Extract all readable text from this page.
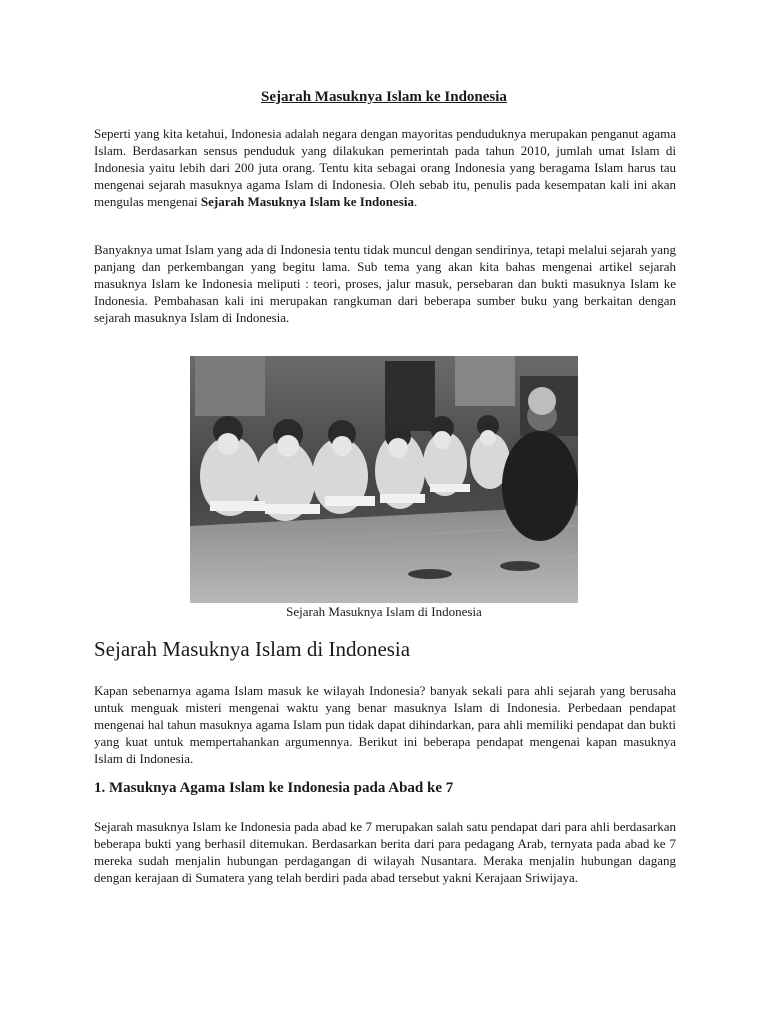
Sejarah Masuknya Islam ke Indonesia

Seperti yang kita ketahui, Indonesia adalah negara dengan mayoritas penduduknya merupakan penganut agama Islam. Berdasarkan sensus penduduk yang dilakukan pemerintah pada tahun 2010, jumlah umat Islam di Indonesia yaitu lebih dari 200 juta orang. Tentu kita sebagai orang Indonesia yang beragama Islam harus tau mengenai sejarah masuknya agama Islam di Indonesia. Oleh sebab itu, penulis pada kesempatan kali ini akan mengulas mengenai Sejarah Masuknya Islam ke Indonesia.

Banyaknya umat Islam yang ada di Indonesia tentu tidak muncul dengan sendirinya, tetapi melalui sejarah yang panjang dan perkembangan yang begitu lama. Sub tema yang akan kita bahas mengenai artikel sejarah masuknya Islam ke Indonesia meliputi : teori, proses, jalur masuk, persebaran dan bukti masuknya Islam ke Indonesia. Pembahasan kali ini merupakan rangkuman dari beberapa sumber buku yang berkaitan dengan sejarah masuknya Islam di Indonesia.

Sejarah Masuknya Islam di Indonesia
Sejarah Masuknya Islam di Indonesia

Kapan sebenarnya agama Islam masuk ke wilayah Indonesia? banyak sekali para ahli sejarah yang berusaha untuk menguak misteri mengenai waktu yang benar masuknya Islam di Indonesia. Perbedaan pendapat mengenai hal tahun masuknya agama Islam pun tidak dapat dihindarkan, para ahli memiliki pendapat dan bukti yang kuat untuk mempertahankan argumennya. Berikut ini beberapa pendapat mengenai kapan masuknya Islam di Indonesia.

1. Masuknya Agama Islam ke Indonesia pada Abad ke 7

Sejarah masuknya Islam ke Indonesia pada abad ke 7 merupakan salah satu pendapat dari para ahli berdasarkan beberapa bukti yang berhasil ditemukan. Berdasarkan berita dari para pedagang Arab, ternyata pada abad ke 7 mereka sudah menjalin hubungan perdagangan di wilayah Nusantara. Meraka menjalin hubungan dagang dengan kerajaan di Sumatera yang telah berdiri pada abad tersebut yakni Kerajaan Sriwijaya.
